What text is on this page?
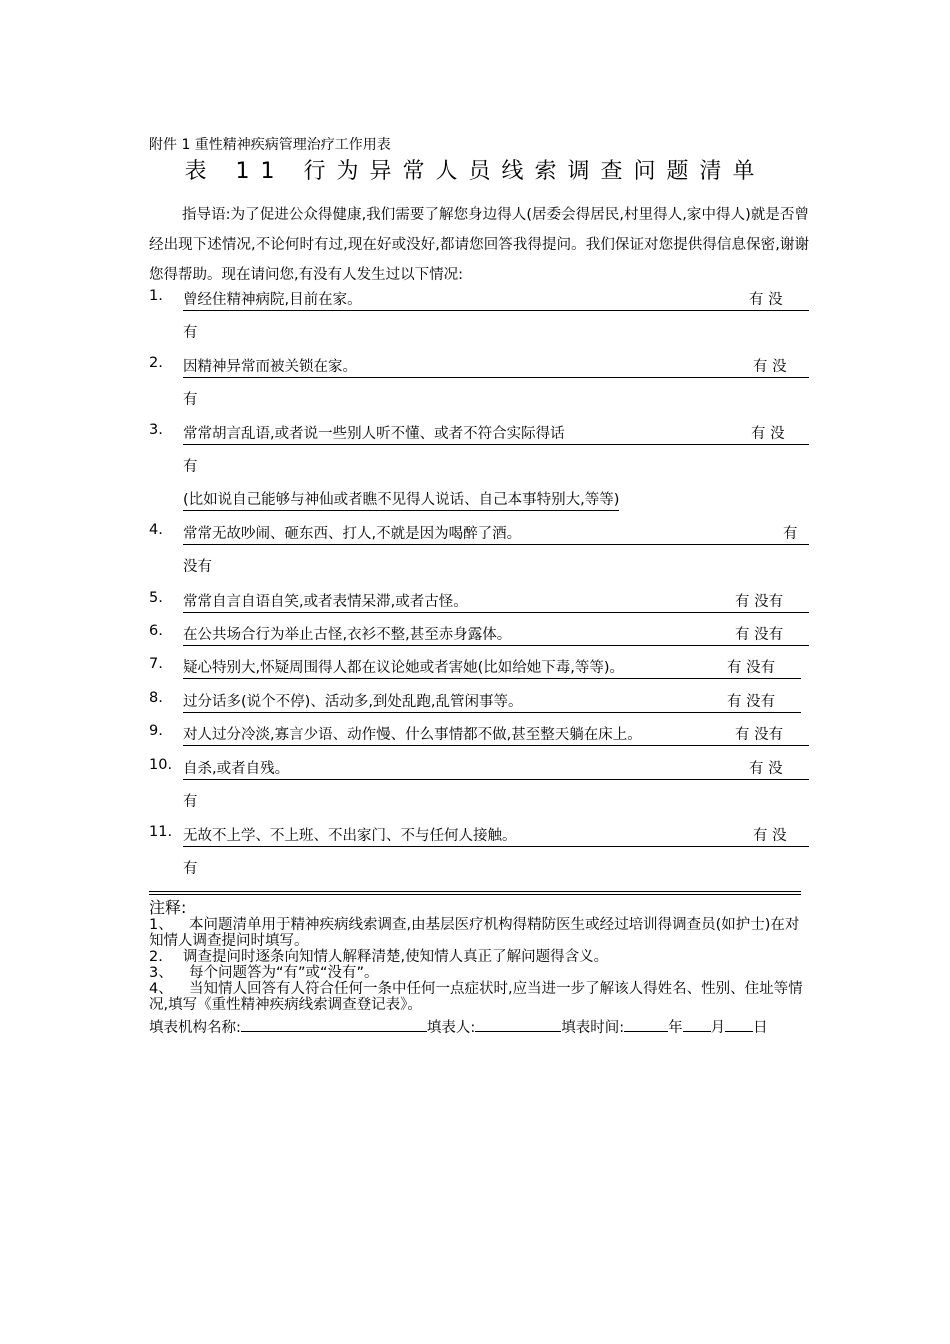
附件 1 重性精神疾病管理治疗工作用表
表 11 行为异常人员线索调查问题清单
指导语:为了促进公众得健康,我们需要了解您身边得人(居委会得居民,村里得人,家中得人)就是否曾经出现下述情况,不论何时有过,现在好或没好,都请您回答我得提问。我们保证对您提供得信息保密,谢谢您得帮助。现在请问您,有没有人发生过以下情况:
1. 曾经住精神病院,目前在家。	有 没
有
2. 因精神异常而被关锁在家。	有 没
有
3. 常常胡言乱语,或者说一些别人听不懂、或者不符合实际得话	有 没
有
(比如说自己能够与神仙或者瞧不见得人说话、自己本事特别大,等等)
4. 常常无故吵闹、砸东西、打人,不就是因为喝醉了酒。	有
没有
5. 常常自言自语自笑,或者表情呆滞,或者古怪。	有 没有
6. 在公共场合行为举止古怪,衣衫不整,甚至赤身露体。	有 没有
7. 疑心特别大,怀疑周围得人都在议论她或者害她(比如给她下毒,等等)。	有 没有
8. 过分话多(说个不停)、活动多,到处乱跑,乱管闲事等。	有 没有
9. 对人过分冷淡,寡言少语、动作慢、什么事情都不做,甚至整天躺在床上。	有 没有
10. 自杀,或者自残。	有 没
有
11. 无故不上学、不上班、不出家门、不与任何人接触。	有 没
有
注释:
1、 本问题清单用于精神疾病线索调查,由基层医疗机构得精防医生或经过培训得调查员(如护士)在对知情人调查提问时填写。
2. 调查提问时逐条向知情人解释清楚,使知情人真正了解问题得含义。
3、 每个问题答为“有”或“没有”。
4、 当知情人回答有人符合任何一条中任何一点症状时,应当进一步了解该人得姓名、性别、住址等情况,填写《重性精神疾病线索调查登记表》。
填表机构名称:	填表人:	填表时间:	年 月 日
